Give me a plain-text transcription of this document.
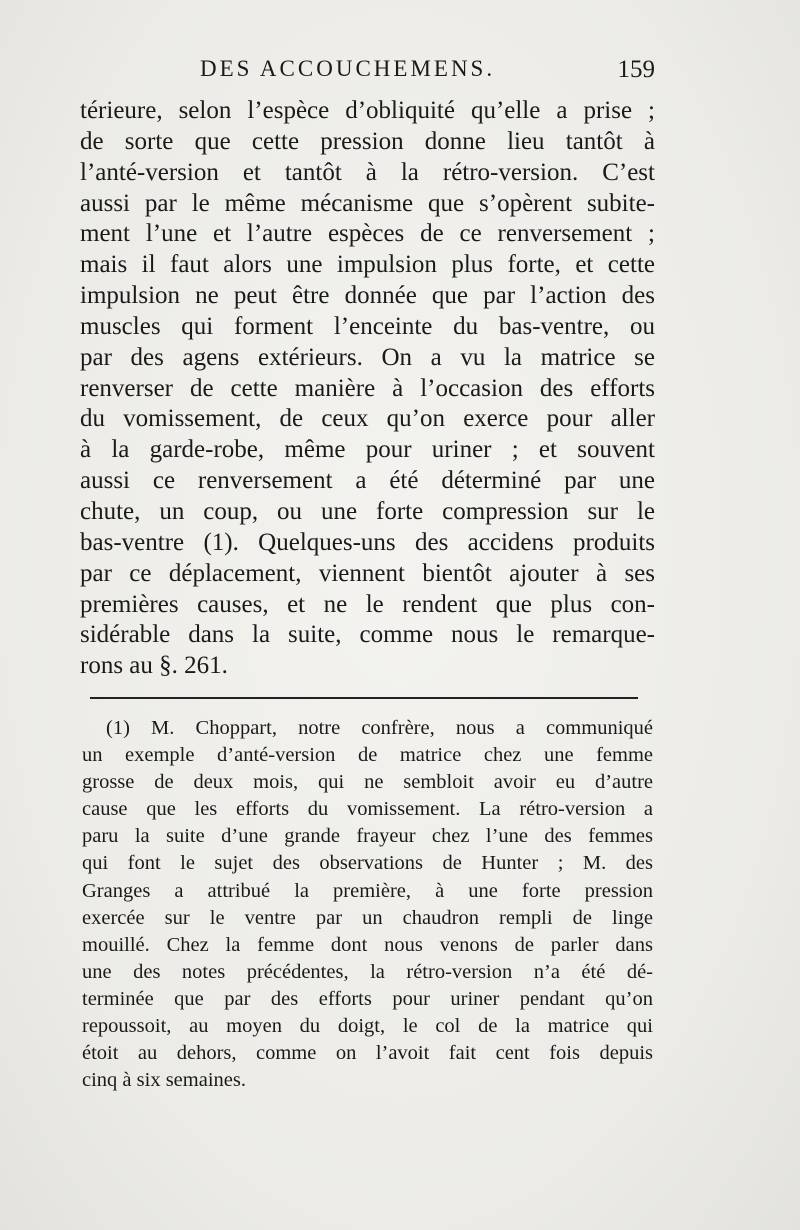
DES ACCOUCHEMENS.	159
térieure, selon l’espèce d’obliquité qu’elle a prise ;
de sorte que cette pression donne lieu tantôt à
l’anté-version et tantôt à la rétro-version. C’est
aussi par le même mécanisme que s’opèrent subite-
ment l’une et l’autre espèces de ce renversement ;
mais il faut alors une impulsion plus forte, et cette
impulsion ne peut être donnée que par l’action des
muscles qui forment l’enceinte du bas-ventre, ou
par des agens extérieurs. On a vu la matrice se
renverser de cette manière à l’occasion des efforts
du vomissement, de ceux qu’on exerce pour aller
à la garde-robe, même pour uriner ; et souvent
aussi ce renversement a été déterminé par une
chute, un coup, ou une forte compression sur le
bas-ventre (1). Quelques-uns des accidens produits
par ce déplacement, viennent bientôt ajouter à ses
premières causes, et ne le rendent que plus con-
sidérable dans la suite, comme nous le remarque-
rons au §. 261.
(1) M. Choppart, notre confrère, nous a communiqué
un exemple d’anté-version de matrice chez une femme
grosse de deux mois, qui ne sembloit avoir eu d’autre
cause que les efforts du vomissement. La rétro-version a
paru la suite d’une grande frayeur chez l’une des femmes
qui font le sujet des observations de Hunter ; M. des
Granges a attribué la première, à une forte pression
exercée sur le ventre par un chaudron rempli de linge
mouillé. Chez la femme dont nous venons de parler dans
une des notes précédentes, la rétro-version n’a été dé-
terminée que par des efforts pour uriner pendant qu’on
repoussoit, au moyen du doigt, le col de la matrice qui
étoit au dehors, comme on l’avoit fait cent fois depuis
cinq à six semaines.
